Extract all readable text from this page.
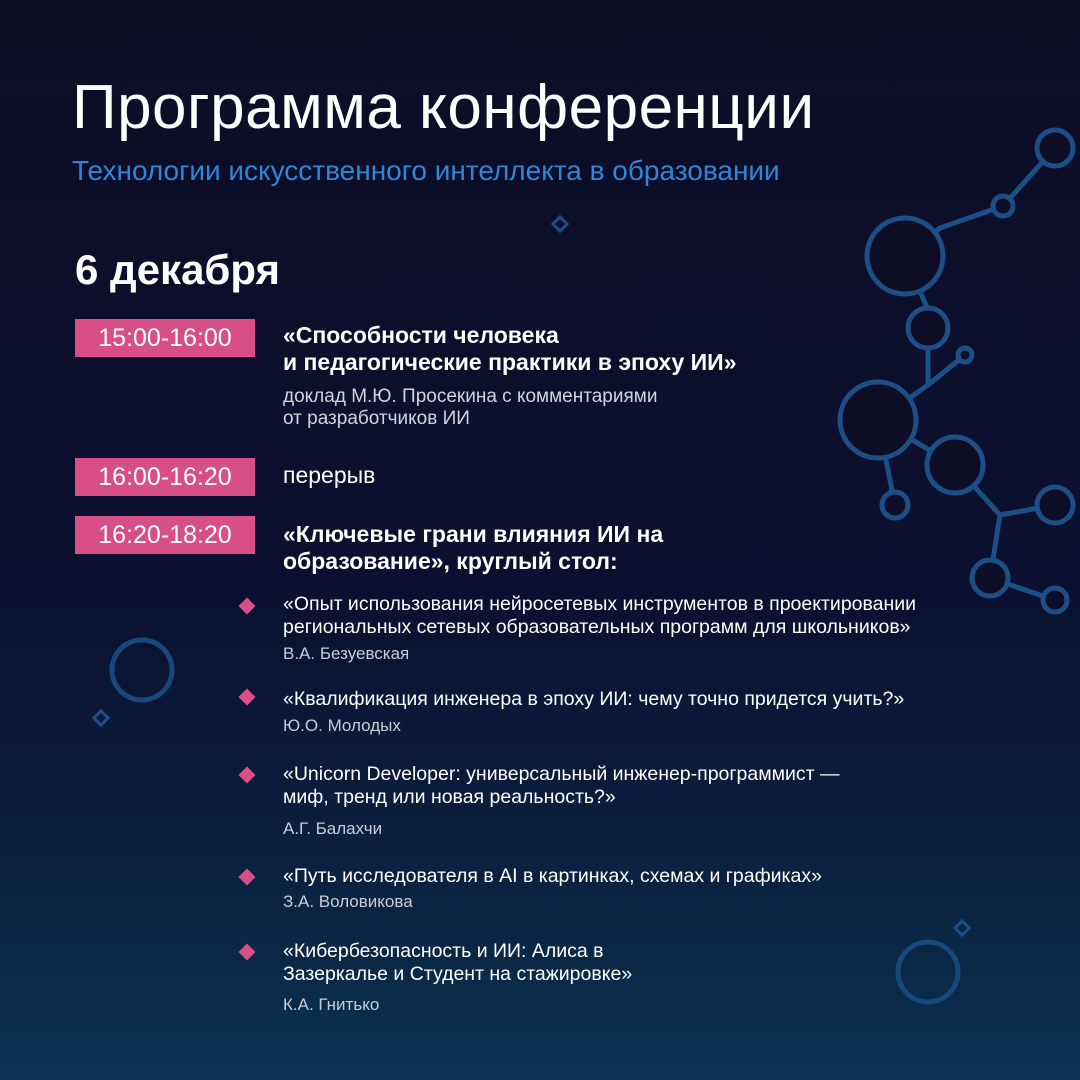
Программа конференции

Технологии искусственного интеллекта в образовании

6 декабря
15:00-16:00	«Способности человека
и педагогические практики в эпоху ИИ»
доклад М.Ю. Просекина с комментариями
от разработчиков ИИ
16:00-16:20	перерыв
16:20-18:20	«Ключевые грани влияния ИИ на
образование», круглый стол:
«Опыт использования нейросетевых инструментов в проектировании
региональных сетевых образовательных программ для школьников»
В.А. Безуевская
«Квалификация инженера в эпоху ИИ: чему точно придется учить?»
Ю.О. Молодых
«Unicorn Developer: универсальный инженер-программист —
миф, тренд или новая реальность?»
А.Г. Балахчи
«Путь исследователя в AI в картинках, схемах и графиках»
З.А. Воловикова
«Кибербезопасность и ИИ: Алиса в
Зазеркалье и Студент на стажировке»
К.А. Гнитько
